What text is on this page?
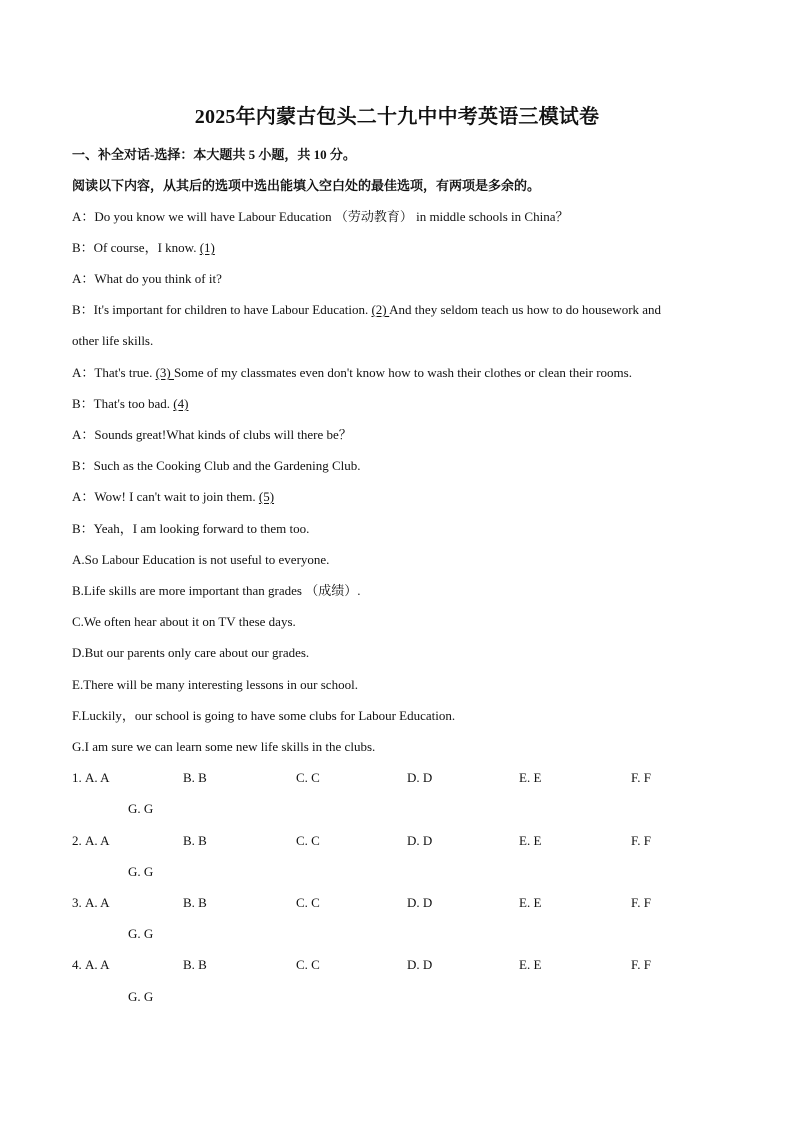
2025年内蒙古包头二十九中中考英语三模试卷
一、补全对话-选择：本大题共 5 小题，共 10 分。
阅读以下内容，从其后的选项中选出能填入空白处的最佳选项，有两项是多余的。
A：Do you know we will have Labour Education （劳动教育） in middle schools in China？
B：Of course，I know. (1)
A：What do you think of it?
B：It's important for children to have Labour Education. (2) And they seldom teach us how to do housework and
other life skills.
A：That's true. (3) Some of my classmates even don't know how to wash their clothes or clean their rooms.
B：That's too bad. (4)
A：Sounds great!What kinds of clubs will there be？
B：Such as the Cooking Club and the Gardening Club.
A：Wow! I can't wait to join them. (5)
B：Yeah，I am looking forward to them too.
A.So Labour Education is not useful to everyone.
B.Life skills are more important than grades （成绩）.
C.We often hear about it on TV these days.
D.But our parents only care about our grades.
E.There will be many interesting lessons in our school.
F.Luckily，our school is going to have some clubs for Labour Education.
G.I am sure we can learn some new life skills in the clubs.
1. A. A	B. B	C. C	D. D	E. E	F. F
G. G
2. A. A	B. B	C. C	D. D	E. E	F. F
G. G
3. A. A	B. B	C. C	D. D	E. E	F. F
G. G
4. A. A	B. B	C. C	D. D	E. E	F. F
G. G
